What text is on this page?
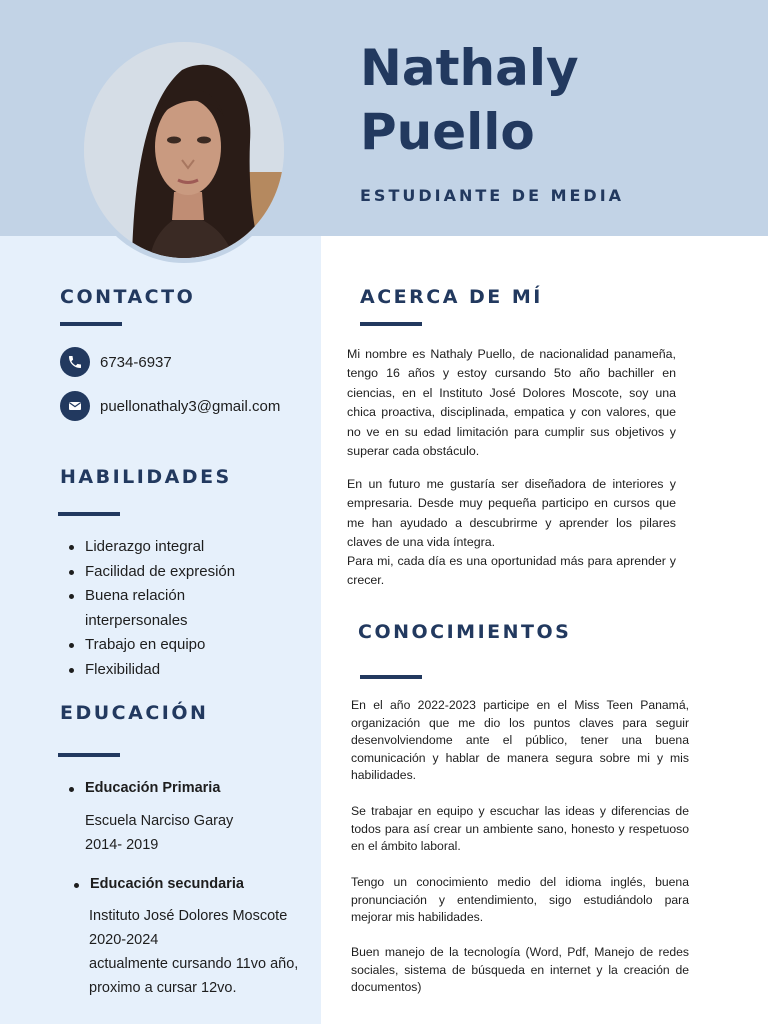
Nathaly
Puello
ESTUDIANTE DE MEDIA
CONTACTO
6734-6937
puellonathaly3@gmail.com
HABILIDADES
Liderazgo integral
Facilidad de expresión
Buena relación
interpersonales
Trabajo en equipo
Flexibilidad
EDUCACIÓN
Educación Primaria
Escuela Narciso Garay
2014- 2019
Educación secundaria
Instituto José Dolores Moscote
2020-2024
actualmente cursando 11vo año,
proximo a cursar 12vo.
ACERCA DE MÍ
Mi nombre es Nathaly Puello, de nacionalidad panameña, tengo 16 años y estoy cursando 5to año bachiller en ciencias, en el Instituto José Dolores Moscote, soy una chica proactiva, disciplinada, empatica y con valores, que no ve en su edad limitación para cumplir sus objetivos y superar cada obstáculo.
En un futuro me gustaría ser diseñadora de interiores y empresaria. Desde muy pequeña participo en cursos que me han ayudado a descubrirme y aprender los pilares claves de una vida íntegra.
Para mi, cada día es una oportunidad más para aprender y crecer.
CONOCIMIENTOS
En el año 2022-2023 participe en el Miss Teen Panamá, organización que me dio los puntos claves para seguir desenvolviendome ante el público, tener una buena comunicación y hablar de manera segura sobre mi y mis habilidades.
Se trabajar en equipo y escuchar las ideas y diferencias de todos para así crear un ambiente sano, honesto y respetuoso en el ámbito laboral.
Tengo un conocimiento medio del idioma inglés, buena pronunciación y entendimiento, sigo estudiándolo para mejorar mis habilidades.
Buen manejo de la tecnología (Word, Pdf, Manejo de redes sociales, sistema de búsqueda en internet y la creación de documentos)
